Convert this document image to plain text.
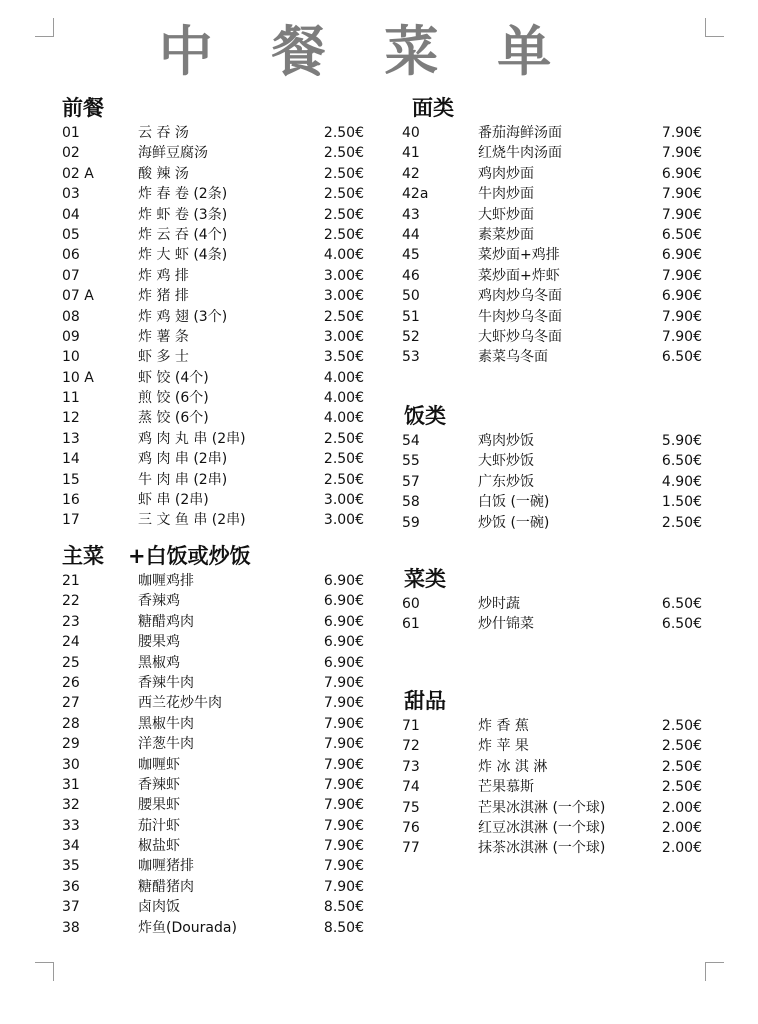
中 餐 菜 单
前餐
01	云 吞 汤	2.50€
02	海鲜豆腐汤	2.50€
02 A	酸 辣 汤	2.50€
03	炸 春 卷 (2条)	2.50€
04	炸 虾 卷 (3条)	2.50€
05	炸 云 吞 (4个)	2.50€
06	炸 大 虾 (4条)	4.00€
07	炸 鸡 排	3.00€
07 A	炸 猪 排	3.00€
08	炸 鸡 翅 (3个)	2.50€
09	炸 薯 条	3.00€
10	虾 多 士	3.50€
10 A	虾 饺 (4个)	4.00€
11	煎 饺 (6个)	4.00€
12	蒸 饺 (6个)	4.00€
13	鸡 肉 丸 串 (2串)	2.50€
14	鸡 肉 串 (2串)	2.50€
15	牛 肉 串 (2串)	2.50€
16	虾 串 (2串)	3.00€
17	三 文 鱼 串 (2串)	3.00€
主菜 +白饭或炒饭
21	咖喱鸡排	6.90€
22	香辣鸡	6.90€
23	糖醋鸡肉	6.90€
24	腰果鸡	6.90€
25	黑椒鸡	6.90€
26	香辣牛肉	7.90€
27	西兰花炒牛肉	7.90€
28	黑椒牛肉	7.90€
29	洋葱牛肉	7.90€
30	咖喱虾	7.90€
31	香辣虾	7.90€
32	腰果虾	7.90€
33	茄汁虾	7.90€
34	椒盐虾	7.90€
35	咖喱猪排	7.90€
36	糖醋猪肉	7.90€
37	卤肉饭	8.50€
38	炸鱼(Dourada)	8.50€
面类
40	番茄海鲜汤面	7.90€
41	红烧牛肉汤面	7.90€
42	鸡肉炒面	6.90€
42a	牛肉炒面	7.90€
43	大虾炒面	7.90€
44	素菜炒面	6.50€
45	菜炒面+鸡排	6.90€
46	菜炒面+炸虾	7.90€
50	鸡肉炒乌冬面	6.90€
51	牛肉炒乌冬面	7.90€
52	大虾炒乌冬面	7.90€
53	素菜乌冬面	6.50€
饭类
54	鸡肉炒饭	5.90€
55	大虾炒饭	6.50€
57	广东炒饭	4.90€
58	白饭 (一碗)	1.50€
59	炒饭 (一碗)	2.50€
菜类
60	炒时蔬	6.50€
61	炒什锦菜	6.50€
甜品
71	炸 香 蕉	2.50€
72	炸 苹 果	2.50€
73	炸 冰 淇 淋	2.50€
74	芒果慕斯	2.50€
75	芒果冰淇淋 (一个球)	2.00€
76	红豆冰淇淋 (一个球)	2.00€
77	抹茶冰淇淋 (一个球)	2.00€
